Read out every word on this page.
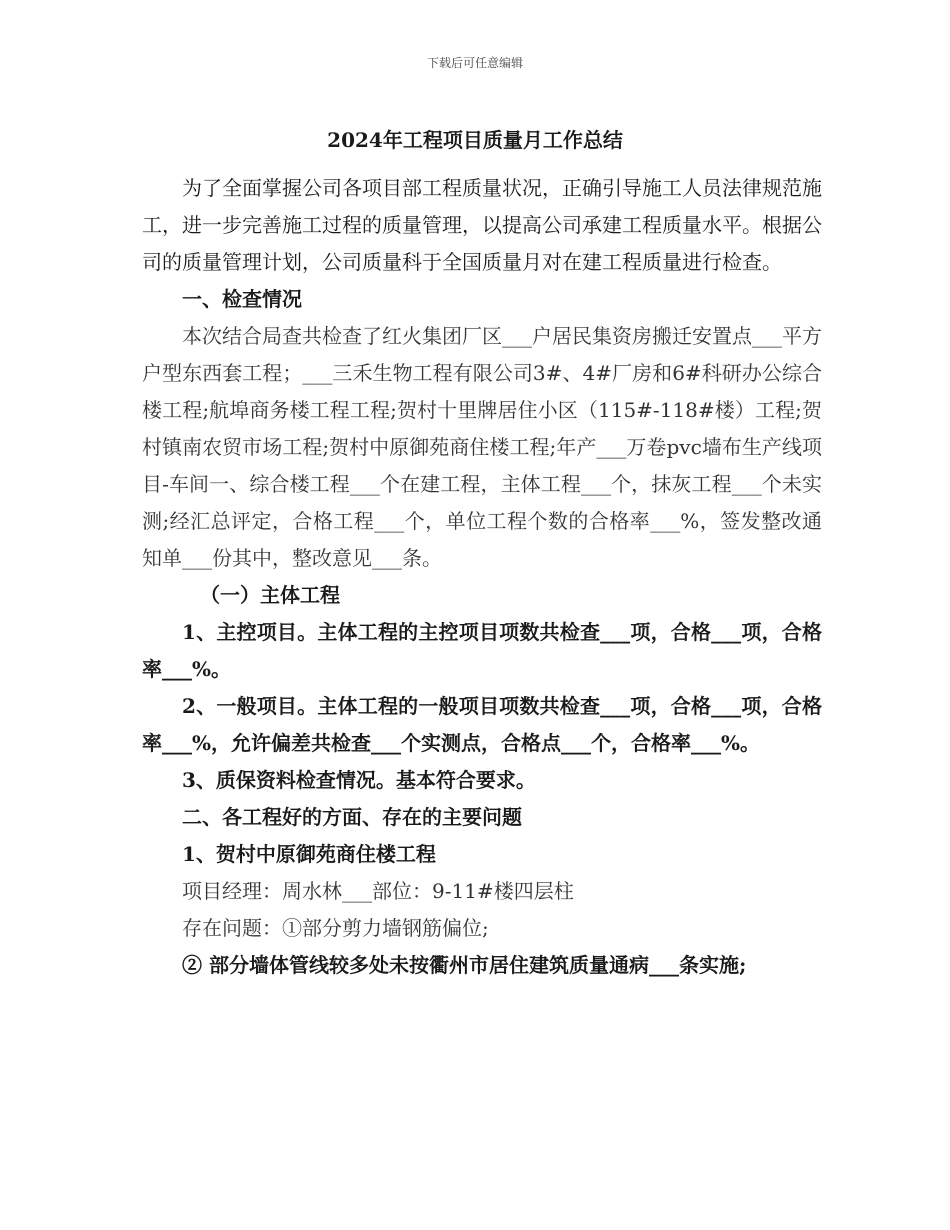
下载后可任意编辑
2024年工程项目质量月工作总结

为了全面掌握公司各项目部工程质量状况，正确引导施工人员法律规范施工，进一步完善施工过程的质量管理，以提高公司承建工程质量水平。根据公司的质量管理计划，公司质量科于全国质量月对在建工程质量进行检查。

一、检查情况

本次结合局查共检查了红火集团厂区___户居民集资房搬迁安置点___平方户型东西套工程；___三禾生物工程有限公司3#、4#厂房和6#科研办公综合楼工程;航埠商务楼工程工程;贺村十里牌居住小区（115#-118#楼）工程;贺村镇南农贸市场工程;贺村中原御苑商住楼工程;年产___万卷pvc墙布生产线项目-车间一、综合楼工程___个在建工程，主体工程___个，抹灰工程___个未实测;经汇总评定，合格工程___个，单位工程个数的合格率___%，签发整改通知单___份其中，整改意见___条。

（一）主体工程

1、主控项目。主体工程的主控项目项数共检查___项，合格___项，合格率___%。

2、一般项目。主体工程的一般项目项数共检查___项，合格___项，合格率___%，允许偏差共检查___个实测点，合格点___个，合格率___%。

3、质保资料检查情况。基本符合要求。

二、各工程好的方面、存在的主要问题

1、贺村中原御苑商住楼工程

项目经理：周水林___部位：9-11#楼四层柱

存在问题：①部分剪力墙钢筋偏位;

② 部分墙体管线较多处未按衢州市居住建筑质量通病___条实施;
